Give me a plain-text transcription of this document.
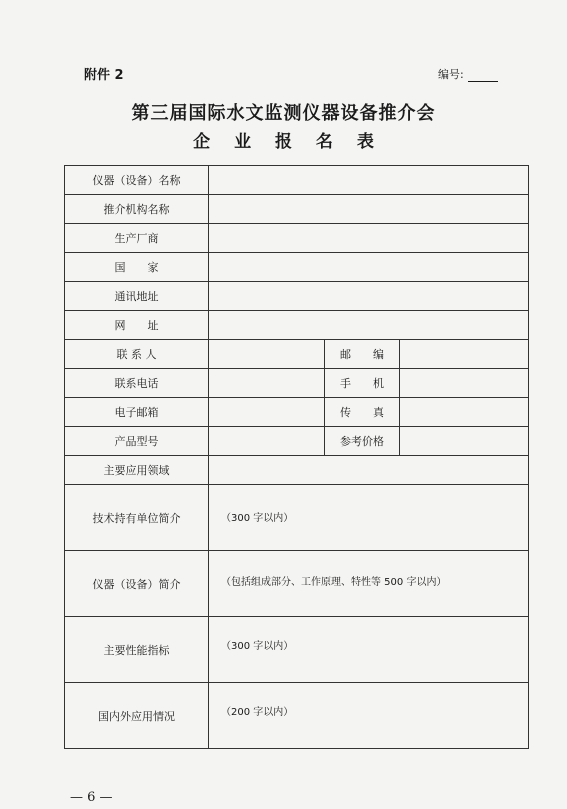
附件 2	编号:
第三届国际水文监测仪器设备推介会
企 业 报 名 表
仪器（设备）名称			
推介机构名称			
生产厂商			
国　　家			
通讯地址			
网　　址			
联 系 人		邮　　编	
联系电话		手　　机	
电子邮箱		传　　真	
产品型号		参考价格	
主要应用领域			
技术持有单位简介	（300 字以内）		
仪器（设备）简介	（包括组成部分、工作原理、特性等 500 字以内）		
主要性能指标	（300 字以内）		
国内外应用情况	（200 字以内）		
— 6 —
